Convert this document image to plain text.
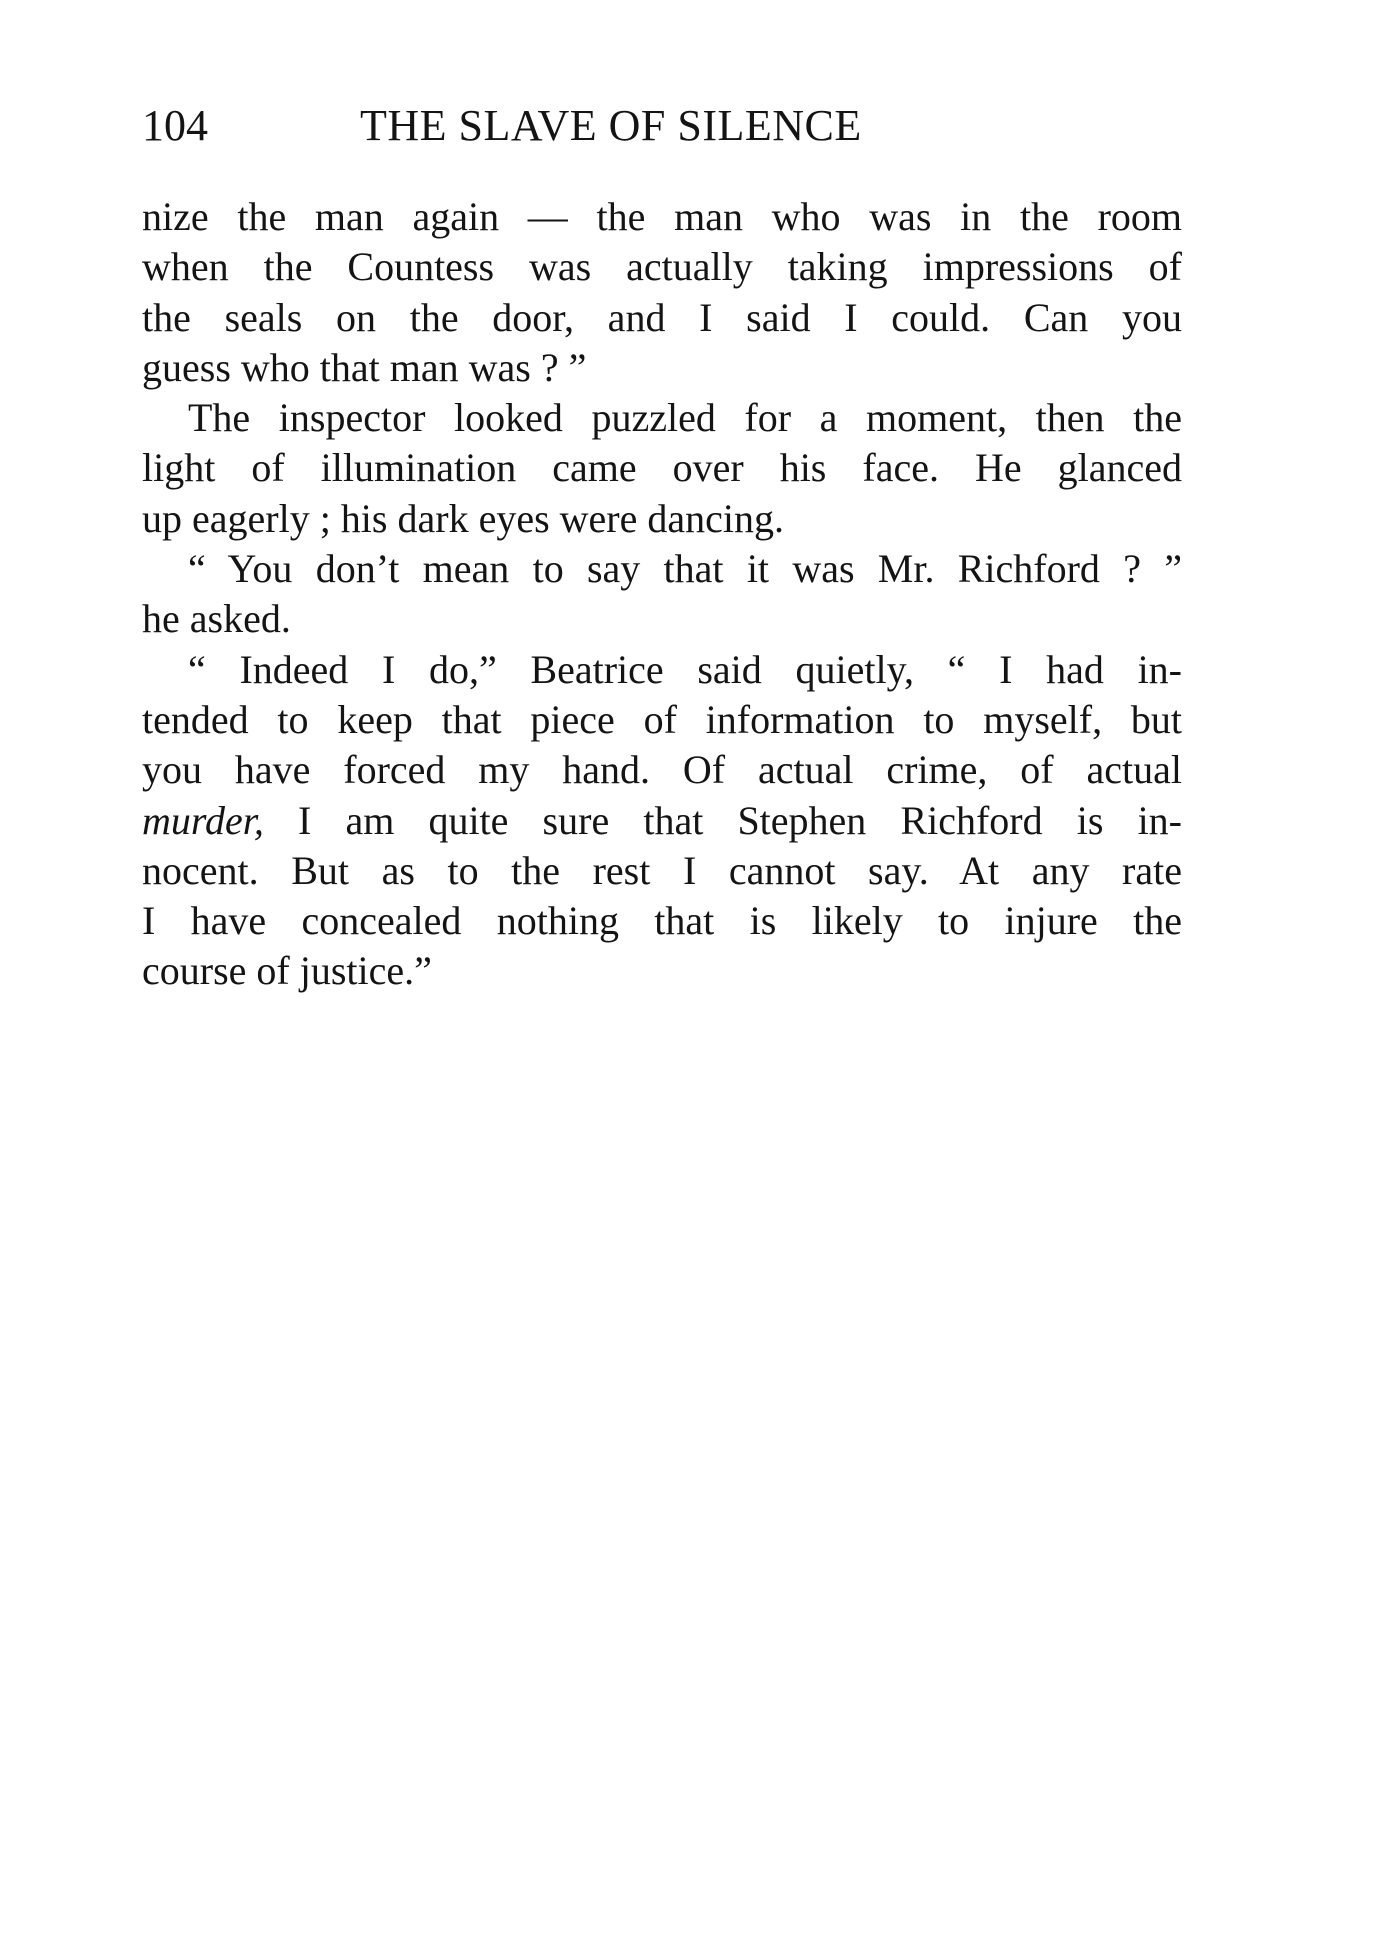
104	THE SLAVE OF SILENCE
nize the man again — the man who was in the room
when the Countess was actually taking impressions of
the seals on the door, and I said I could. Can you
guess who that man was ? ”
The inspector looked puzzled for a moment, then the
light of illumination came over his face. He glanced
up eagerly ; his dark eyes were dancing.
“ You don’t mean to say that it was Mr. Richford ? ”
he asked.
“ Indeed I do,” Beatrice said quietly, “ I had in-
tended to keep that piece of information to myself, but
you have forced my hand. Of actual crime, of actual
murder, I am quite sure that Stephen Richford is in-
nocent. But as to the rest I cannot say. At any rate
I have concealed nothing that is likely to injure the
course of justice.”
